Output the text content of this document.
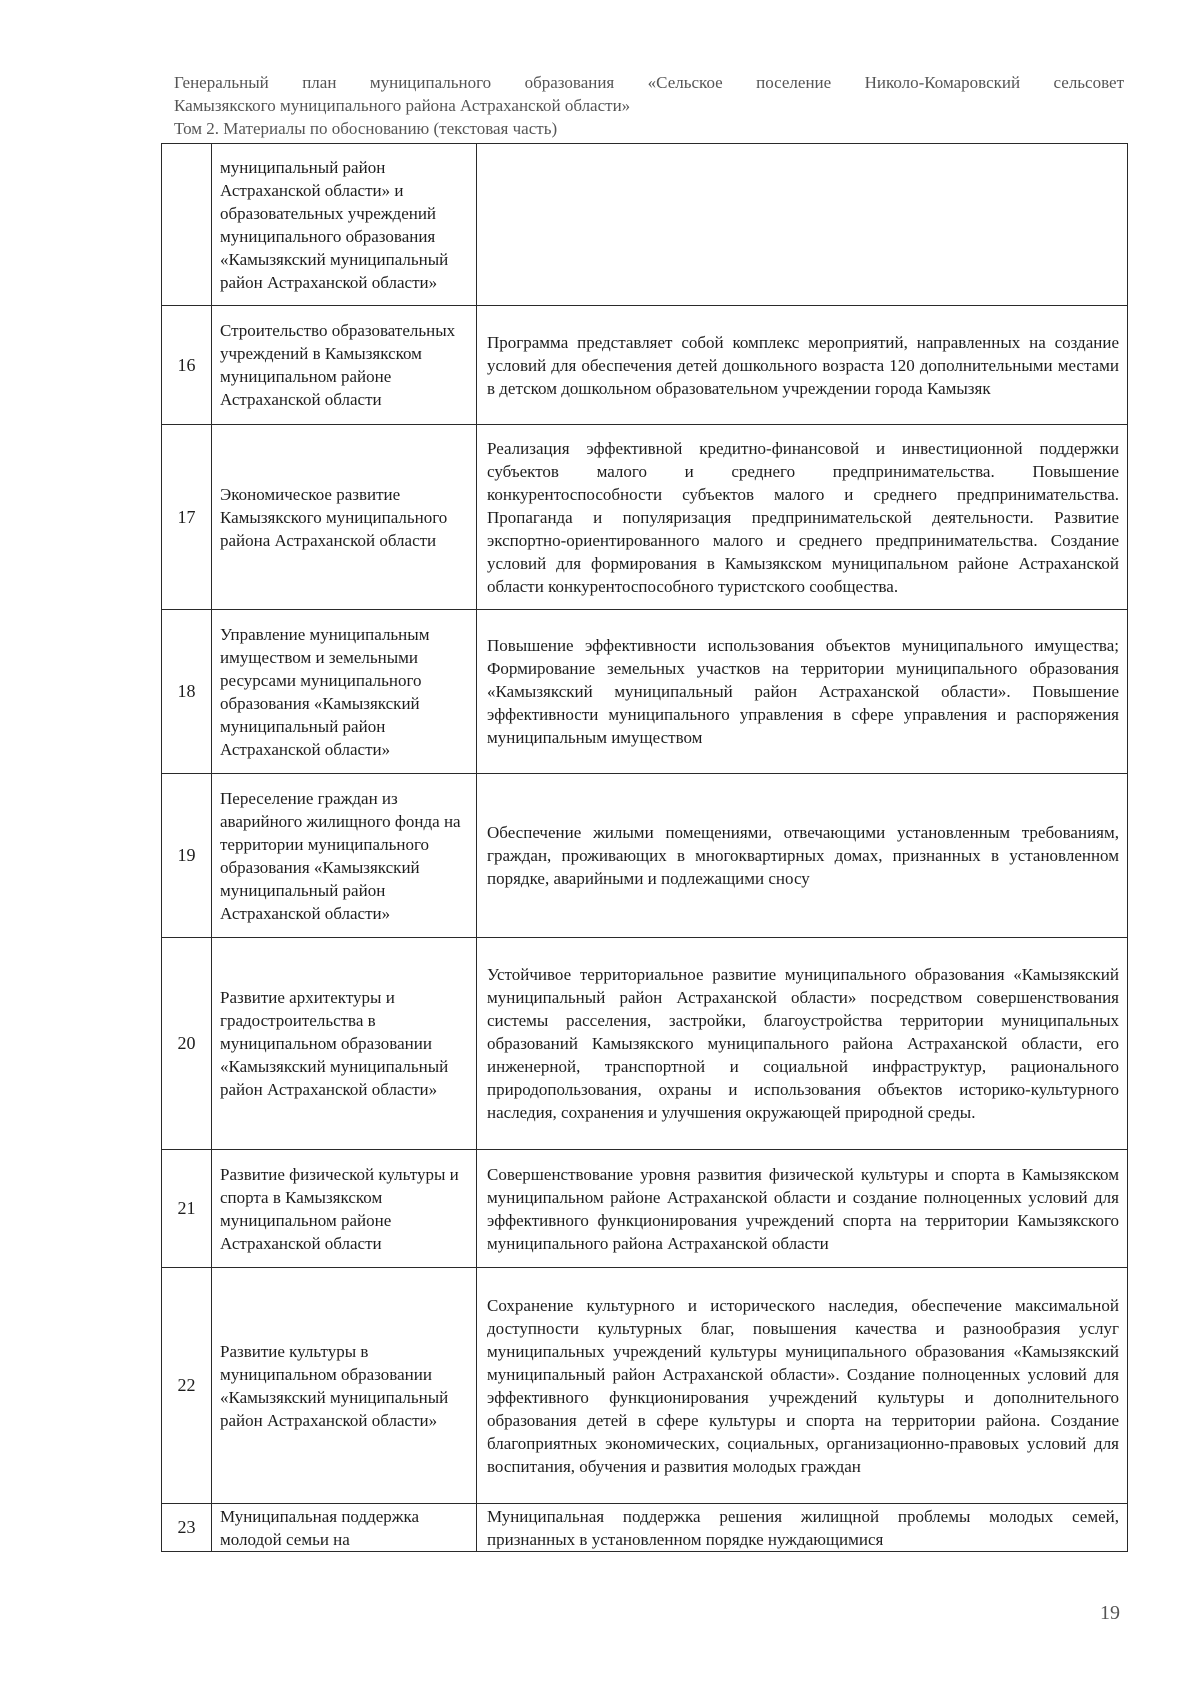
Генеральный план муниципального образования «Сельское поселение Николо-Комаровский сельсовет
Камызякского муниципального района Астраханской области»
Том 2. Материалы по обоснованию (текстовая часть)
	муниципальный район Астраханской области» и образовательных учреждений муниципального образования «Камызякский муниципальный район Астраханской области»	
16	Строительство образовательных учреждений в Камызякском муниципальном районе Астраханской области	Программа представляет собой комплекс мероприятий, направленных на создание условий для обеспечения детей дошкольного возраста 120 дополнительными местами в детском дошкольном образовательном учреждении города Камызяк
17	Экономическое развитие Камызякского муниципального района Астраханской области	Реализация эффективной кредитно-финансовой и инвестиционной поддержки субъектов малого и среднего предпринимательства. Повышение конкурентоспособности субъектов малого и среднего предпринимательства. Пропаганда и популяризация предпринимательской деятельности. Развитие экспортно-ориентированного малого и среднего предпринимательства. Создание условий для формирования в Камызякском муниципальном районе Астраханской области конкурентоспособного туристского сообщества.
18	Управление муниципальным имуществом и земельными ресурсами муниципального образования «Камызякский муниципальный район Астраханской области»	Повышение эффективности использования объектов муниципального имущества; Формирование земельных участков на территории муниципального образования «Камызякский муниципальный район Астраханской области». Повышение эффективности муниципального управления в сфере управления и распоряжения муниципальным имуществом
19	Переселение граждан из аварийного жилищного фонда на территории муниципального образования «Камызякский муниципальный район Астраханской области»	Обеспечение жилыми помещениями, отвечающими установленным требованиям, граждан, проживающих в многоквартирных домах, признанных в установленном порядке, аварийными и подлежащими сносу
20	Развитие архитектуры и градостроительства в муниципальном образовании «Камызякский муниципальный район Астраханской области»	Устойчивое территориальное развитие муниципального образования «Камызякский муниципальный район Астраханской области» посредством совершенствования системы расселения, застройки, благоустройства территории муниципальных образований Камызякского муниципального района Астраханской области, его инженерной, транспортной и социальной инфраструктур, рационального природопользования, охраны и использования объектов историко-культурного наследия, сохранения и улучшения окружающей природной среды.
21	Развитие физической культуры и спорта в Камызякском муниципальном районе Астраханской области	Совершенствование уровня развития физической культуры и спорта в Камызякском муниципальном районе Астраханской области и создание полноценных условий для эффективного функционирования учреждений спорта на территории Камызякского муниципального района Астраханской области
22	Развитие культуры в муниципальном образовании «Камызякский муниципальный район Астраханской области»	Сохранение культурного и исторического наследия, обеспечение максимальной доступности культурных благ, повышения качества и разнообразия услуг муниципальных учреждений культуры муниципального образования «Камызякский муниципальный район Астраханской области». Создание полноценных условий для эффективного функционирования учреждений культуры и дополнительного образования детей в сфере культуры и спорта на территории района. Создание благоприятных экономических, социальных, организационно-правовых условий для воспитания, обучения и развития молодых граждан
23	Муниципальная поддержка молодой семьи на	Муниципальная поддержка решения жилищной проблемы молодых семей, признанных в установленном порядке нуждающимися
19
